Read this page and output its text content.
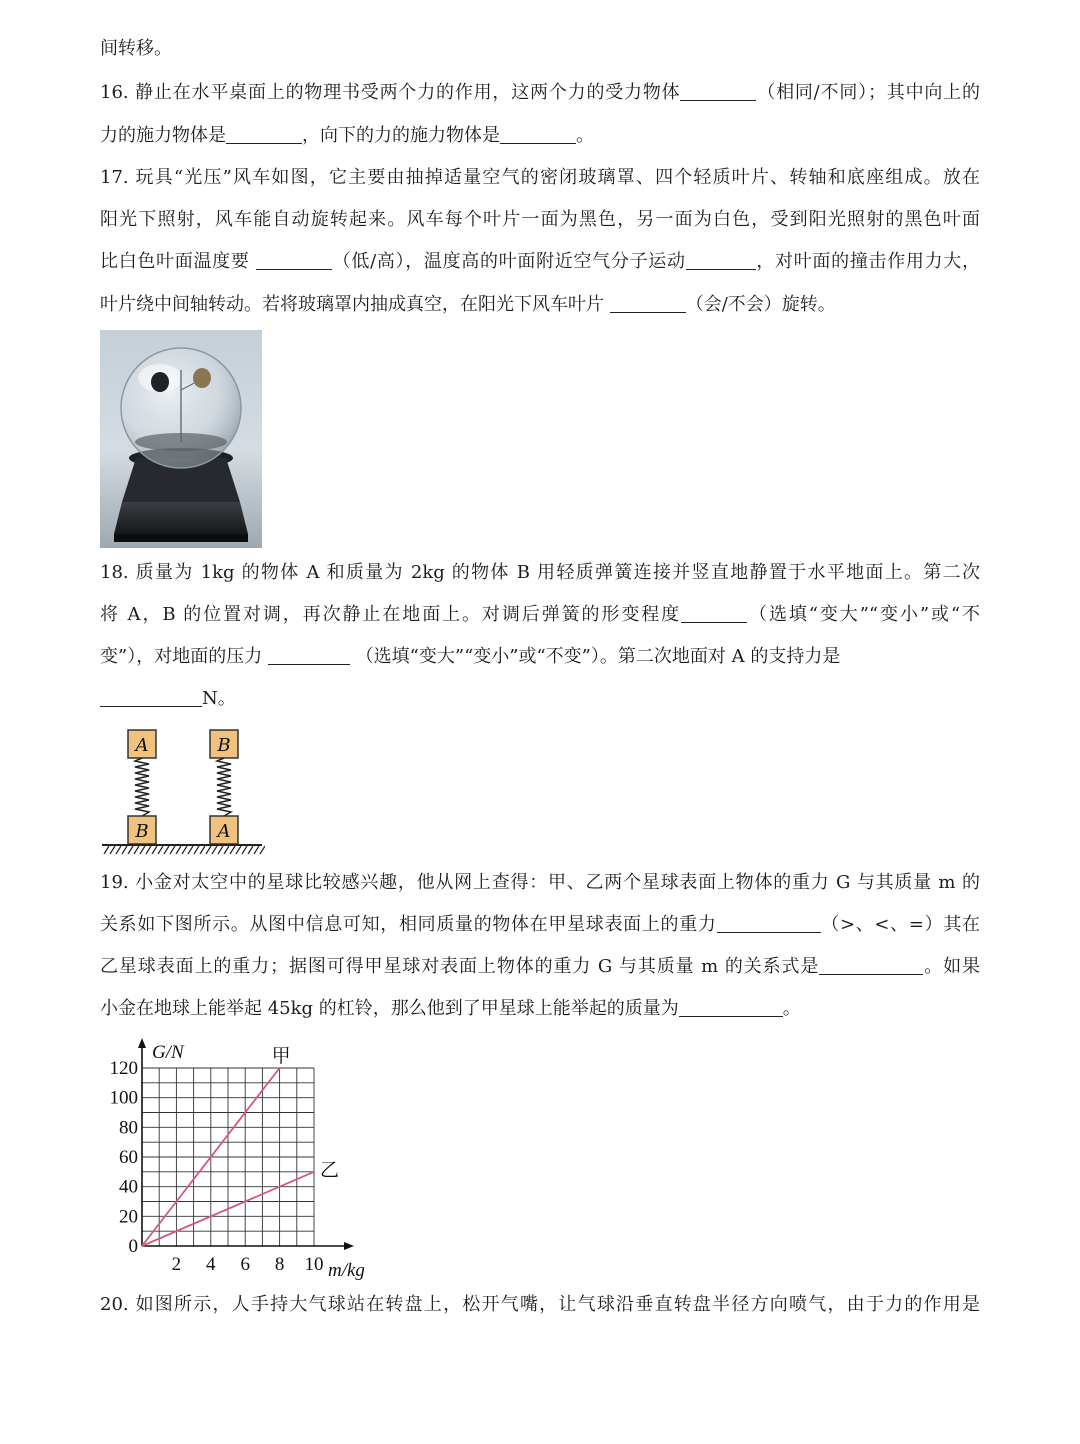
间转移。
16. 静止在水平桌面上的物理书受两个力的作用，这两个力的受力物体	（相同/不同）；其中向上的
力的施力物体是	，向下的力的施力物体是	。
17. 玩具“光压”风车如图，它主要由抽掉适量空气的密闭玻璃罩、四个轻质叶片、转轴和底座组成。放在
阳光下照射，风车能自动旋转起来。风车每个叶片一面为黑色，另一面为白色，受到阳光照射的黑色叶面
比白色叶面温度要	（低/高），温度高的叶面附近空气分子运动	，对叶面的撞击作用力大，
叶片绕中间轴转动。若将玻璃罩内抽成真空，在阳光下风车叶片	（会/不会）旋转。
18. 质量为 1kg 的物体 A 和质量为 2kg 的物体 B 用轻质弹簧连接并竖直地静置于水平地面上。第二次
将 A，B 的位置对调，再次静止在地面上。对调后弹簧的形变程度	（选填“变大”“变小”或“不
变”），对地面的压力	（选填“变大”“变小”或“不变”）。第二次地面对 A 的支持力是
N。
A
B
B
A
19. 小金对太空中的星球比较感兴趣，他从网上查得：甲、乙两个星球表面上物体的重力 G 与其质量 m 的
关系如下图所示。从图中信息可知，相同质量的物体在甲星球表面上的重力	（>、<、=）其在
乙星球表面上的重力；据图可得甲星球对表面上物体的重力 G 与其质量 m 的关系式是	。如果
小金在地球上能举起 45kg 的杠铃，那么他到了甲星球上能举起的质量为	。
0
20
40
60
80
100
120
2 4 6 8 10
甲
乙
G/N
m/kg
20. 如图所示，人手持大气球站在转盘上，松开气嘴，让气球沿垂直转盘半径方向喷气，由于力的作用是
